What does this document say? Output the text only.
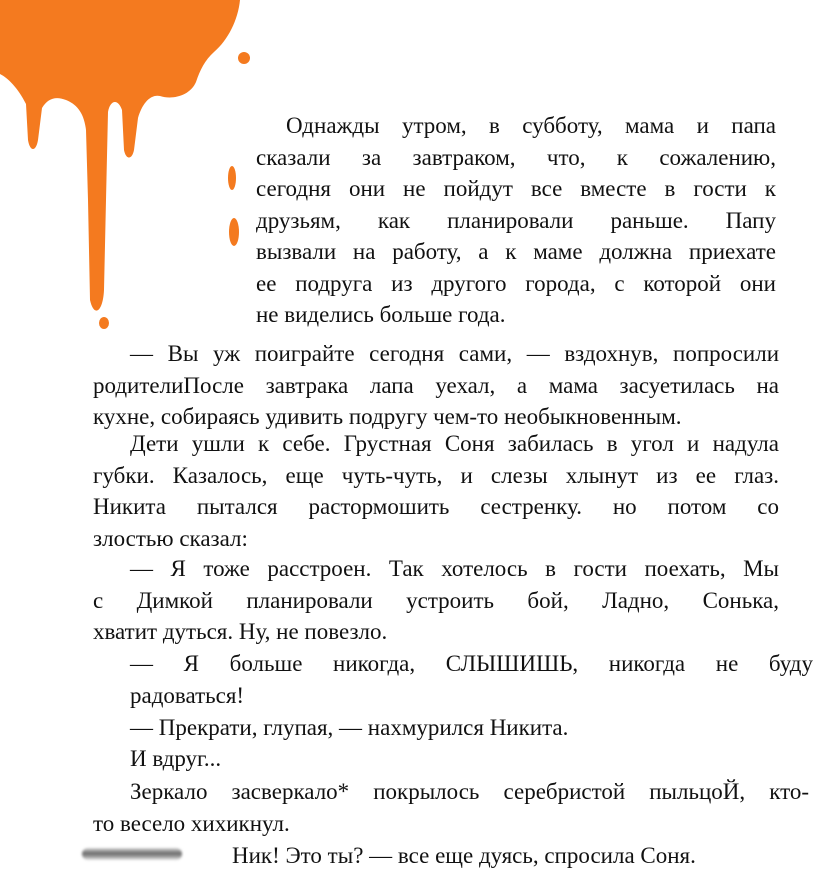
Однажды утром, в субботу, мама и папа
сказали за завтраком, что, к сожалению,
сегодня они не пойдут все вместе в гости к
друзьям, как планировали раньше. Папу
вызвали на работу, а к маме должна приехате
ее подруга из другого города, с которой они
не виделись больше года.
— Вы уж поиграйте сегодня сами, — вздохнув, попросили
родителиПосле завтрака лапа уехал, а мама засуетилась на
кухне, собираясь удивить подругу чем-то необыкновенным.
Дети ушли к себе. Грустная Соня забилась в угол и надула
губки. Казалось, еще чуть-чуть, и слезы хлынут из ее глаз.
Никита пытался растормошить сестренку. но потом со
злостью сказал:
— Я тоже расстроен. Так хотелось в гости поехать, Мы
с Димкой планировали устроить бой, Ладно, Сонька,
хватит дуться. Ну, не повезло.
— Я больше никогда, СЛЫШИШЬ, никогда не буду
радоваться!
— Прекрати, глупая, — нахмурился Никита.
И вдруг...
Зеркало засверкало* покрылось серебристой пыльцоЙ, кто-
то весело хихикнул.
Ник! Это ты? — все еще дуясь, спросила Соня.
